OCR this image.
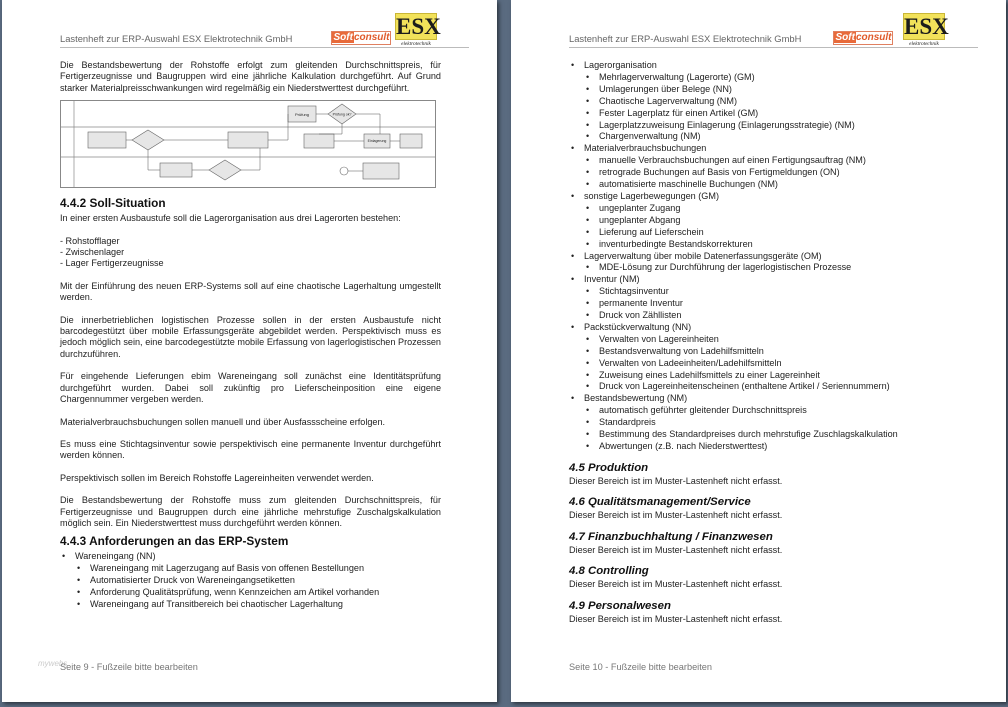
Lastenheft zur ERP-Auswahl ESX Elektrotechnik GmbH	Softconsult ESX
elektrotechnik

Die Bestandsbewertung der Rohstoffe erfolgt zum gleitenden Durchschnittspreis, für Fertigerzeugnisse und Baugruppen wird eine jährliche Kalkulation durchgeführt. Auf Grund starker Materialpreisschwankungen wird regelmäßig ein Niederstwerttest durchgeführt.

Prüfung	Prüfung ok?
Einlagerung
4.4.2 Soll-Situation

In einer ersten Ausbaustufe soll die Lagerorganisation aus drei Lagerorten bestehen:

- Rohstofflager
- Zwischenlager
- Lager Fertigerzeugnisse

Mit der Einführung des neuen ERP-Systems soll auf eine chaotische Lagerhaltung umgestellt werden.

Die innerbetrieblichen logistischen Prozesse sollen in der ersten Ausbaustufe nicht barcodegestützt über mobile Erfassungsgeräte abgebildet werden. Perspektivisch muss es jedoch möglich sein, eine barcodegestützte mobile Erfassung von lagerlogistischen Prozessen durchzuführen.

Für eingehende Lieferungen ebim Wareneingang soll zunächst eine Identitätsprüfung durchgeführt wurden. Dabei soll zukünftig pro Lieferscheinposition eine eigene Chargennummer vergeben werden.

Materialverbrauchsbuchungen sollen manuell und über Ausfassscheine erfolgen.

Es muss eine Stichtagsinventur sowie perspektivisch eine permanente Inventur durchgeführt werden können.

Perspektivisch sollen im Bereich Rohstoffe Lagereinheiten verwendet werden.

Die Bestandsbewertung der Rohstoffe muss zum gleitenden Durchschnittspreis, für Fertigerzeugnisse und Baugruppen durch eine jährliche mehrstufige Zuschalgskalkulation möglich sein. Ein Niederstwerttest muss durchgeführt werden können.

4.4.3 Anforderungen an das ERP-System
• Wareneingang (NN)
• Wareneingang mit Lagerzugang auf Basis von offenen Bestellungen
• Automatisierter Druck von Wareneingangsetiketten
• Anforderung Qualitätsprüfung, wenn Kennzeichen am Artikel vorhanden
• Wareneingang auf Transitbereich bei chaotischer Lagerhaltung
mywebs
Seite 9 - Fußzeile bitte bearbeiten
Lastenheft zur ERP-Auswahl ESX Elektrotechnik GmbH	Softconsult ESX
elektrotechnik
• Lagerorganisation
• Mehrlagerverwaltung (Lagerorte) (GM)
• Umlagerungen über Belege (NN)
• Chaotische Lagerverwaltung (NM)
• Fester Lagerplatz für einen Artikel (GM)
• Lagerplatzzuweisung Einlagerung (Einlagerungsstrategie) (NM)
• Chargenverwaltung (NM)
• Materialverbrauchsbuchungen
• manuelle Verbrauchsbuchungen auf einen Fertigungsauftrag (NM)
• retrograde Buchungen auf Basis von Fertigmeldungen (ON)
• automatisierte maschinelle Buchungen (NM)
• sonstige Lagerbewegungen (GM)
• ungeplanter Zugang
• ungeplanter Abgang
• Lieferung auf Lieferschein
• inventurbedingte Bestandskorrekturen
• Lagerverwaltung über mobile Datenerfassungsgeräte (OM)
• MDE-Lösung zur Durchführung der lagerlogistischen Prozesse
• Inventur (NM)
• Stichtagsinventur
• permanente Inventur
• Druck von Zähllisten
• Packstückverwaltung (NN)
• Verwalten von Lagereinheiten
• Bestandsverwaltung von Ladehilfsmitteln
• Verwalten von Ladeeinheiten/Ladehilfsmitteln
• Zuweisung eines Ladehilfsmittels zu einer Lagereinheit
• Druck von Lagereinheitenscheinen (enthaltene Artikel / Seriennummern)
• Bestandsbewertung (NM)
• automatisch geführter gleitender Durchschnittspreis
• Standardpreis
• Bestimmung des Standardpreises durch mehrstufige Zuschlagskalkulation
• Abwertungen (z.B. nach Niederstwerttest)
4.5 Produktion
Dieser Bereich ist im Muster-Lastenheft nicht erfasst.
4.6 Qualitätsmanagement/Service
Dieser Bereich ist im Muster-Lastenheft nicht erfasst.
4.7 Finanzbuchhaltung / Finanzwesen
Dieser Bereich ist im Muster-Lastenheft nicht erfasst.
4.8 Controlling
Dieser Bereich ist im Muster-Lastenheft nicht erfasst.
4.9 Personalwesen
Dieser Bereich ist im Muster-Lastenheft nicht erfasst.
Seite 10 - Fußzeile bitte bearbeiten
